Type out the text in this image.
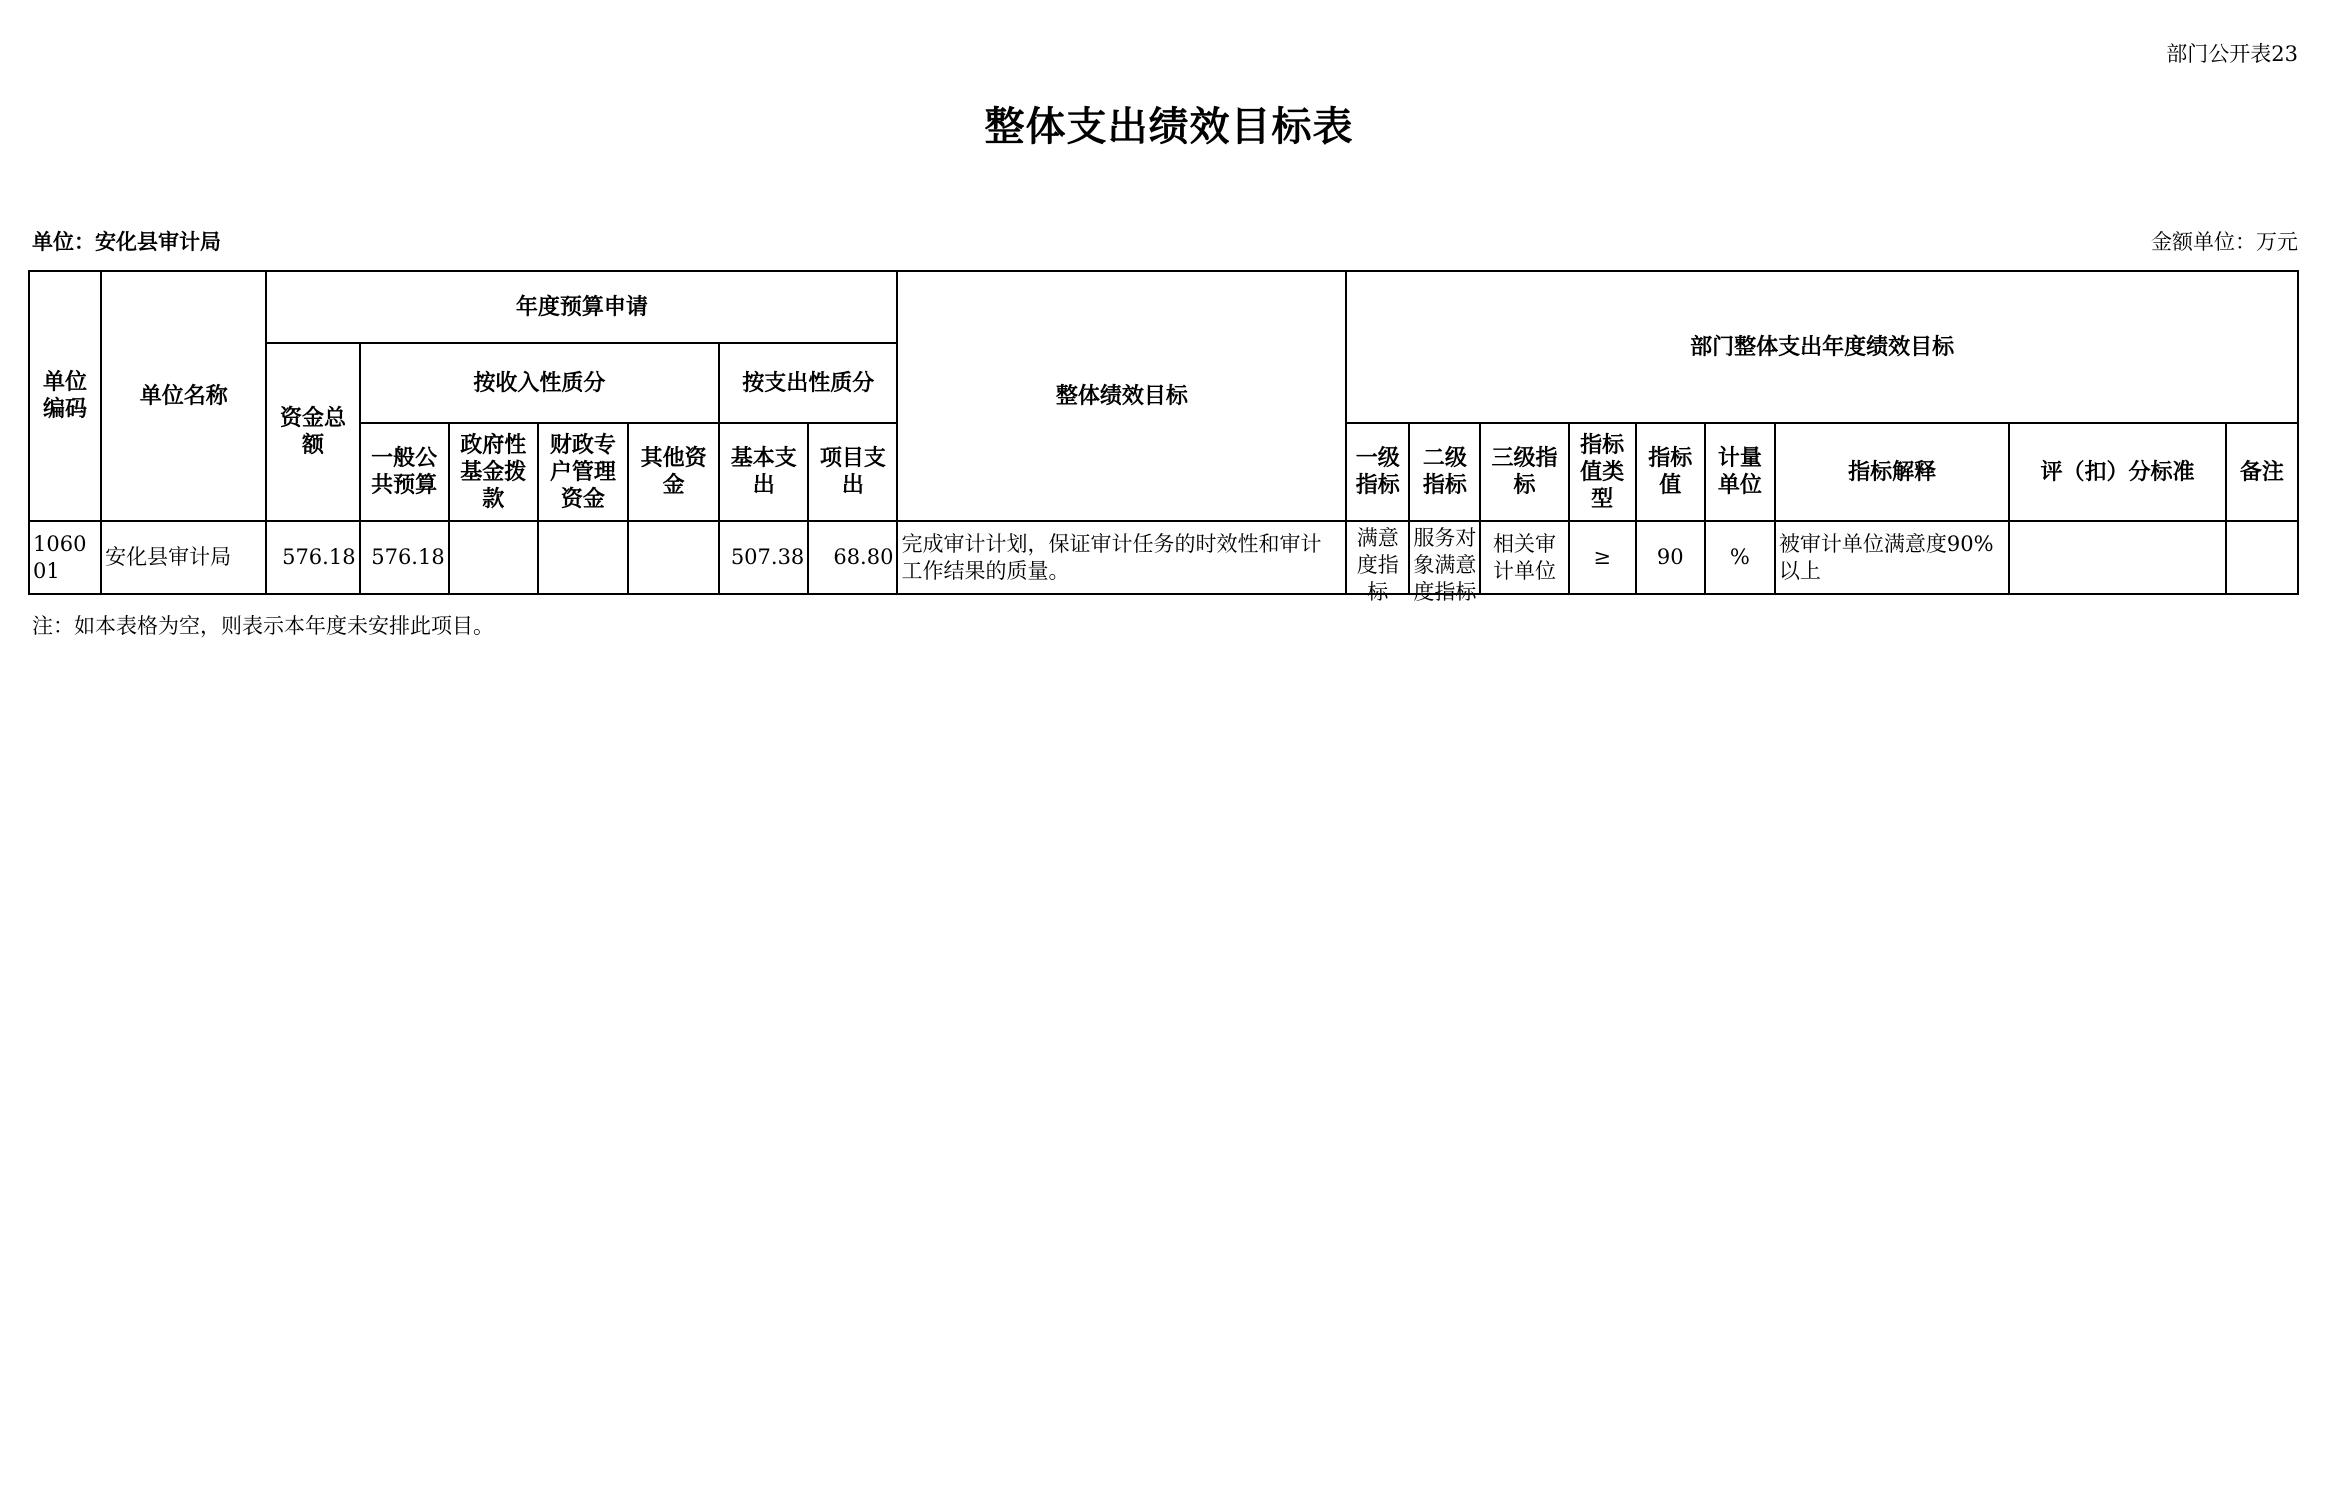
部门公开表23
整体支出绩效目标表
单位：安化县审计局	金额单位：万元
单位编码	单位名称	年度预算申请							整体绩效目标	部门整体支出年度绩效目标								
		资金总额	按收入性质分				按支出性质分											
			一般公共预算	政府性基金拨款	财政专户管理资金	其他资金	基本支出	项目支出		一级指标	二级指标	三级指标	指标值类型	指标值	计量单位	指标解释	评（扣）分标准	备注
106001	安化县审计局	576.18	576.18				507.38	68.80	完成审计计划，保证审计任务的时效性和审计工作结果的质量。	满意度指标	服务对象满意度指标	相关审计单位	≥	90	%	被审计单位满意度90%以上		
注：如本表格为空，则表示本年度未安排此项目。
